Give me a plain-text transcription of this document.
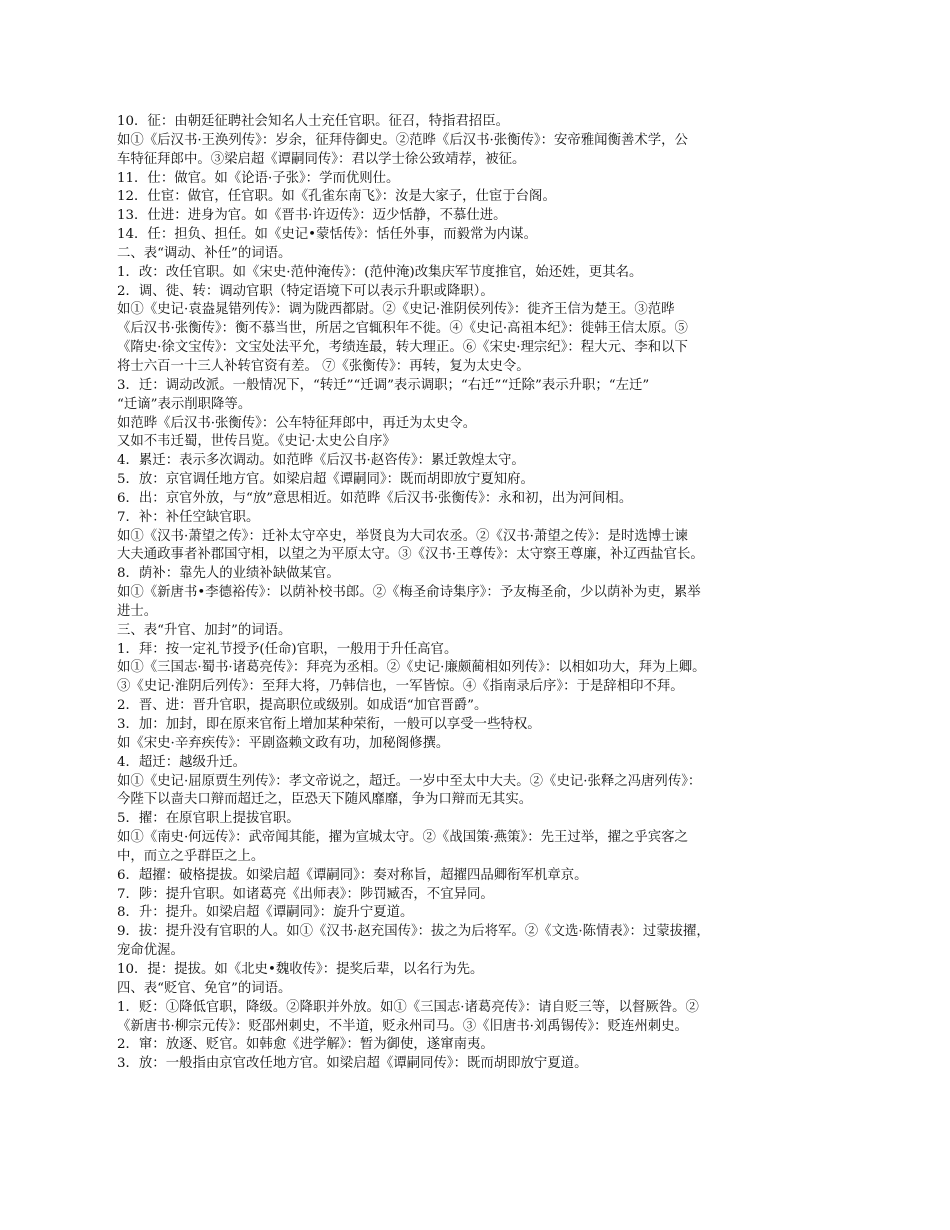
10．征：由朝廷征聘社会知名人士充任官职。征召，特指君招臣。
如①《后汉书·王涣列传》：岁余，征拜侍御史。②范晔《后汉书·张衡传》：安帝雅闻衡善术学，公
车特征拜郎中。③梁启超《谭嗣同传》：君以学士徐公致靖荐，被征。
11．仕：做官。如《论语·子张》：学而优则仕。
12．仕宦：做官，任官职。如《孔雀东南飞》：汝是大家子，仕宦于台阁。
13．仕进：进身为官。如《晋书·许迈传》：迈少恬静，不慕仕进。
14．任：担负、担任。如《史记•蒙恬传》：恬任外事，而毅常为内谋。
二、表“调动、补任”的词语。
1．改：改任官职。如《宋史·范仲淹传》：(范仲淹)改集庆军节度推官，始还姓，更其名。
2．调、徙、转：调动官职（特定语境下可以表示升职或降职）。
如①《史记·袁盎晁错列传》：调为陇西都尉。②《史记·淮阴侯列传》：徙齐王信为楚王。③范晔
《后汉书·张衡传》：衡不慕当世，所居之官辄积年不徙。④《史记·高祖本纪》：徙韩王信太原。⑤
《隋史·徐文宝传》：文宝处法平允，考绩连最，转大理正。⑥《宋史·理宗纪》：程大元、李和以下
将士六百一十三人补转官资有差。 ⑦《张衡传》：再转，复为太史令。
3．迁：调动改派。一般情况下，“转迁”“迁调”表示调职；“右迁”“迁除”表示升职；“左迁”
“迁谪”表示削职降等。
如范晔《后汉书·张衡传》：公车特征拜郎中，再迁为太史令。
又如不韦迁蜀，世传吕览。《史记·太史公自序》
4．累迁：表示多次调动。如范晔《后汉书·赵咨传》：累迁敦煌太守。
5．放：京官调任地方官。如梁启超《谭嗣同》：既而胡即放宁夏知府。
6．出：京官外放，与“放”意思相近。如范晔《后汉书·张衡传》：永和初，出为河间相。
7．补：补任空缺官职。
如①《汉书·萧望之传》：迁补太守卒史，举贤良为大司农丞。②《汉书·萧望之传》：是时选博士谏
大夫通政事者补郡国守相，以望之为平原太守。③《汉书·王尊传》：太守察王尊廉，补辽西盐官长。
8．荫补：靠先人的业绩补缺做某官。
如①《新唐书•李德裕传》：以荫补校书郎。②《梅圣俞诗集序》：予友梅圣俞，少以荫补为吏，累举
进士。
三、表“升官、加封”的词语。
1．拜：按一定礼节授予(任命)官职，一般用于升任高官。
如①《三国志·蜀书·诸葛亮传》：拜亮为丞相。②《史记·廉颇蔺相如列传》：以相如功大，拜为上卿。
③《史记·淮阴后列传》：至拜大将，乃韩信也，一军皆惊。④《指南录后序》：于是辞相印不拜。
2．晋、进：晋升官职，提高职位或级别。如成语“加官晋爵”。
3．加：加封，即在原来官衔上增加某种荣衔，一般可以享受一些特权。
如《宋史·辛弃疾传》：平剧盗赖文政有功，加秘阁修撰。
4．超迁：越级升迁。
如①《史记·屈原贾生列传》：孝文帝说之，超迁。一岁中至太中大夫。②《史记·张释之冯唐列传》：
今陛下以啬夫口辩而超迁之，臣恐天下随风靡靡，争为口辩而无其实。
5．擢：在原官职上提拔官职。
如①《南史·何远传》：武帝闻其能，擢为宣城太守。②《战国策·燕策》：先王过举，擢之乎宾客之
中，而立之乎群臣之上。
6．超擢：破格提拔。如梁启超《谭嗣同》：奏对称旨，超擢四品卿衔军机章京。
7．陟：提升官职。如诸葛亮《出师表》：陟罚臧否，不宜异同。
8．升：提升。如梁启超《谭嗣同》：旋升宁夏道。
9．拔：提升没有官职的人。如①《汉书·赵充国传》：拔之为后将军。②《文选·陈情表》：过蒙拔擢，
宠命优渥。
10．提：提拔。如《北史•魏收传》：提奖后辈，以名行为先。
四、表“贬官、免官”的词语。
1．贬：①降低官职，降级。②降职并外放。如①《三国志·诸葛亮传》：请自贬三等，以督厥咎。②
《新唐书·柳宗元传》：贬邵州刺史，不半道，贬永州司马。③《旧唐书·刘禹锡传》：贬连州刺史。
2．窜：放逐、贬官。如韩愈《进学解》：暂为御使，遂窜南夷。
3．放：一般指由京官改任地方官。如梁启超《谭嗣同传》：既而胡即放宁夏道。
